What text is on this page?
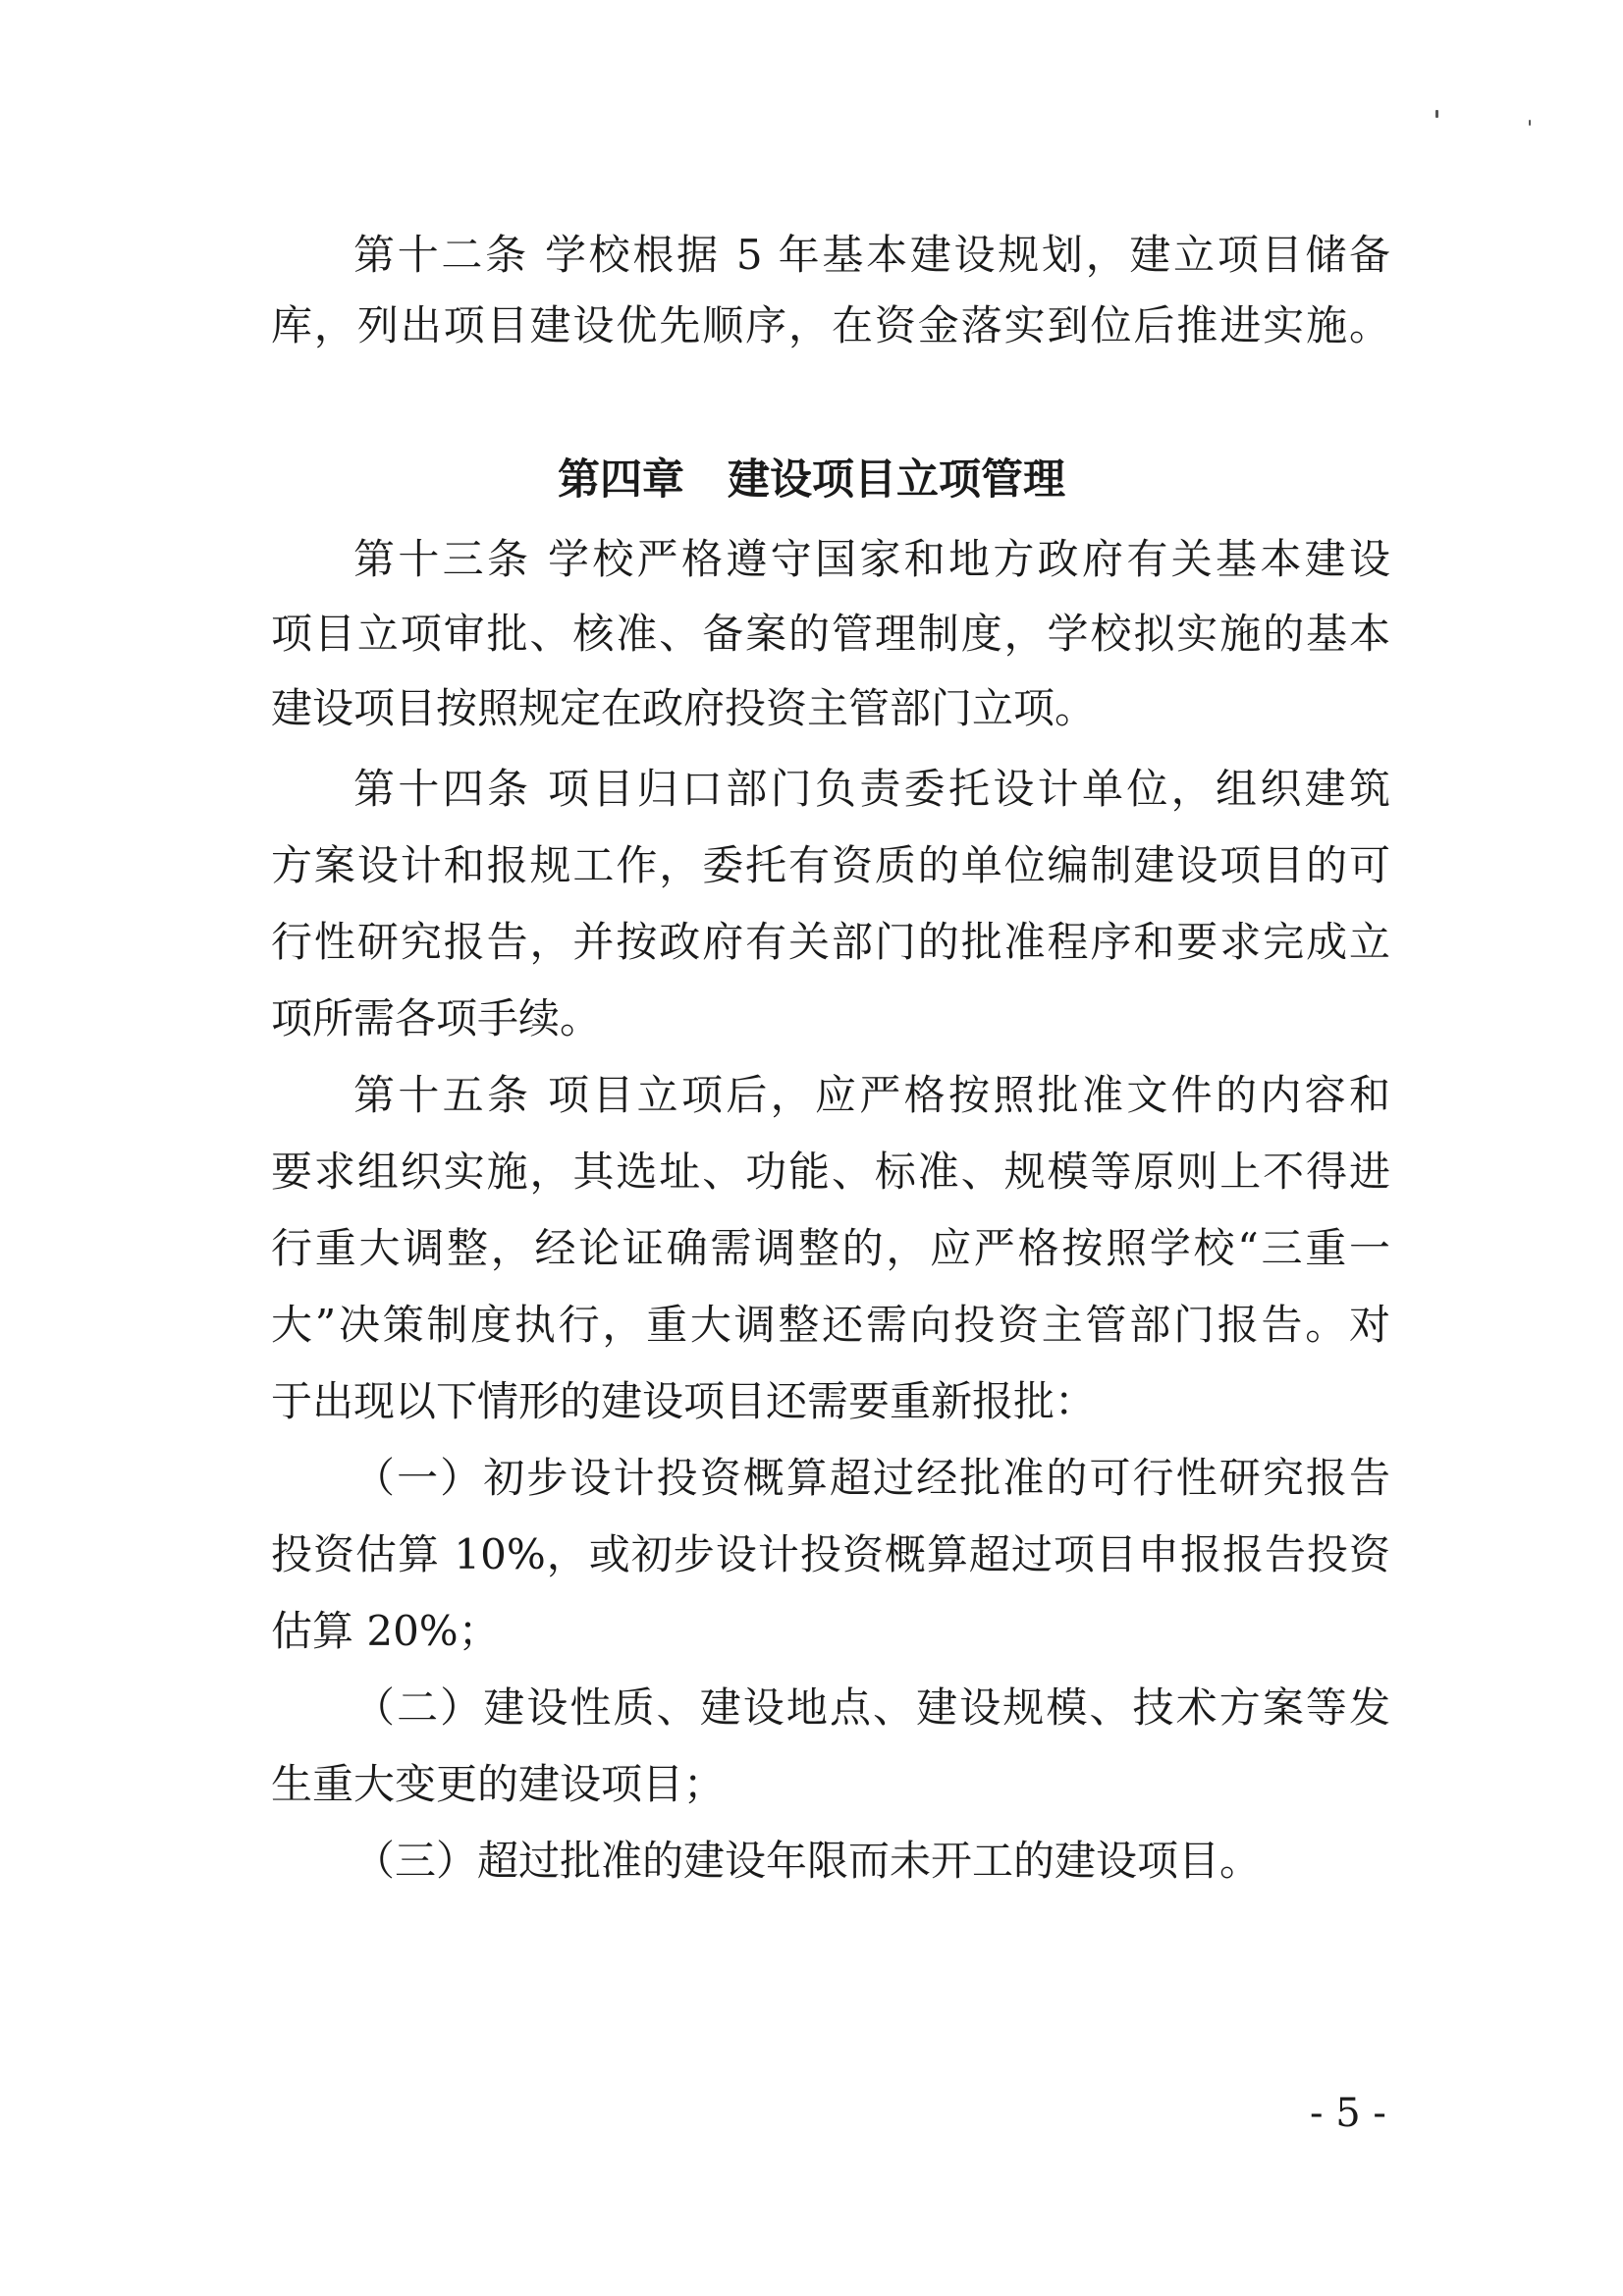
第十二条 学校根据 5 年基本建设规划，建立项目储备
库，列出项目建设优先顺序，在资金落实到位后推进实施。
第四章 建设项目立项管理
第十三条 学校严格遵守国家和地方政府有关基本建设
项目立项审批、核准、备案的管理制度，学校拟实施的基本
建设项目按照规定在政府投资主管部门立项。
第十四条 项目归口部门负责委托设计单位，组织建筑
方案设计和报规工作，委托有资质的单位编制建设项目的可
行性研究报告，并按政府有关部门的批准程序和要求完成立
项所需各项手续。
第十五条 项目立项后，应严格按照批准文件的内容和
要求组织实施，其选址、功能、标准、规模等原则上不得进
行重大调整，经论证确需调整的，应严格按照学校“三重一
大”决策制度执行，重大调整还需向投资主管部门报告。对
于出现以下情形的建设项目还需要重新报批：
（一）初步设计投资概算超过经批准的可行性研究报告
投资估算 10%，或初步设计投资概算超过项目申报报告投资
估算 20%；
（二）建设性质、建设地点、建设规模、技术方案等发
生重大变更的建设项目；
（三）超过批准的建设年限而未开工的建设项目。
- 5 -
